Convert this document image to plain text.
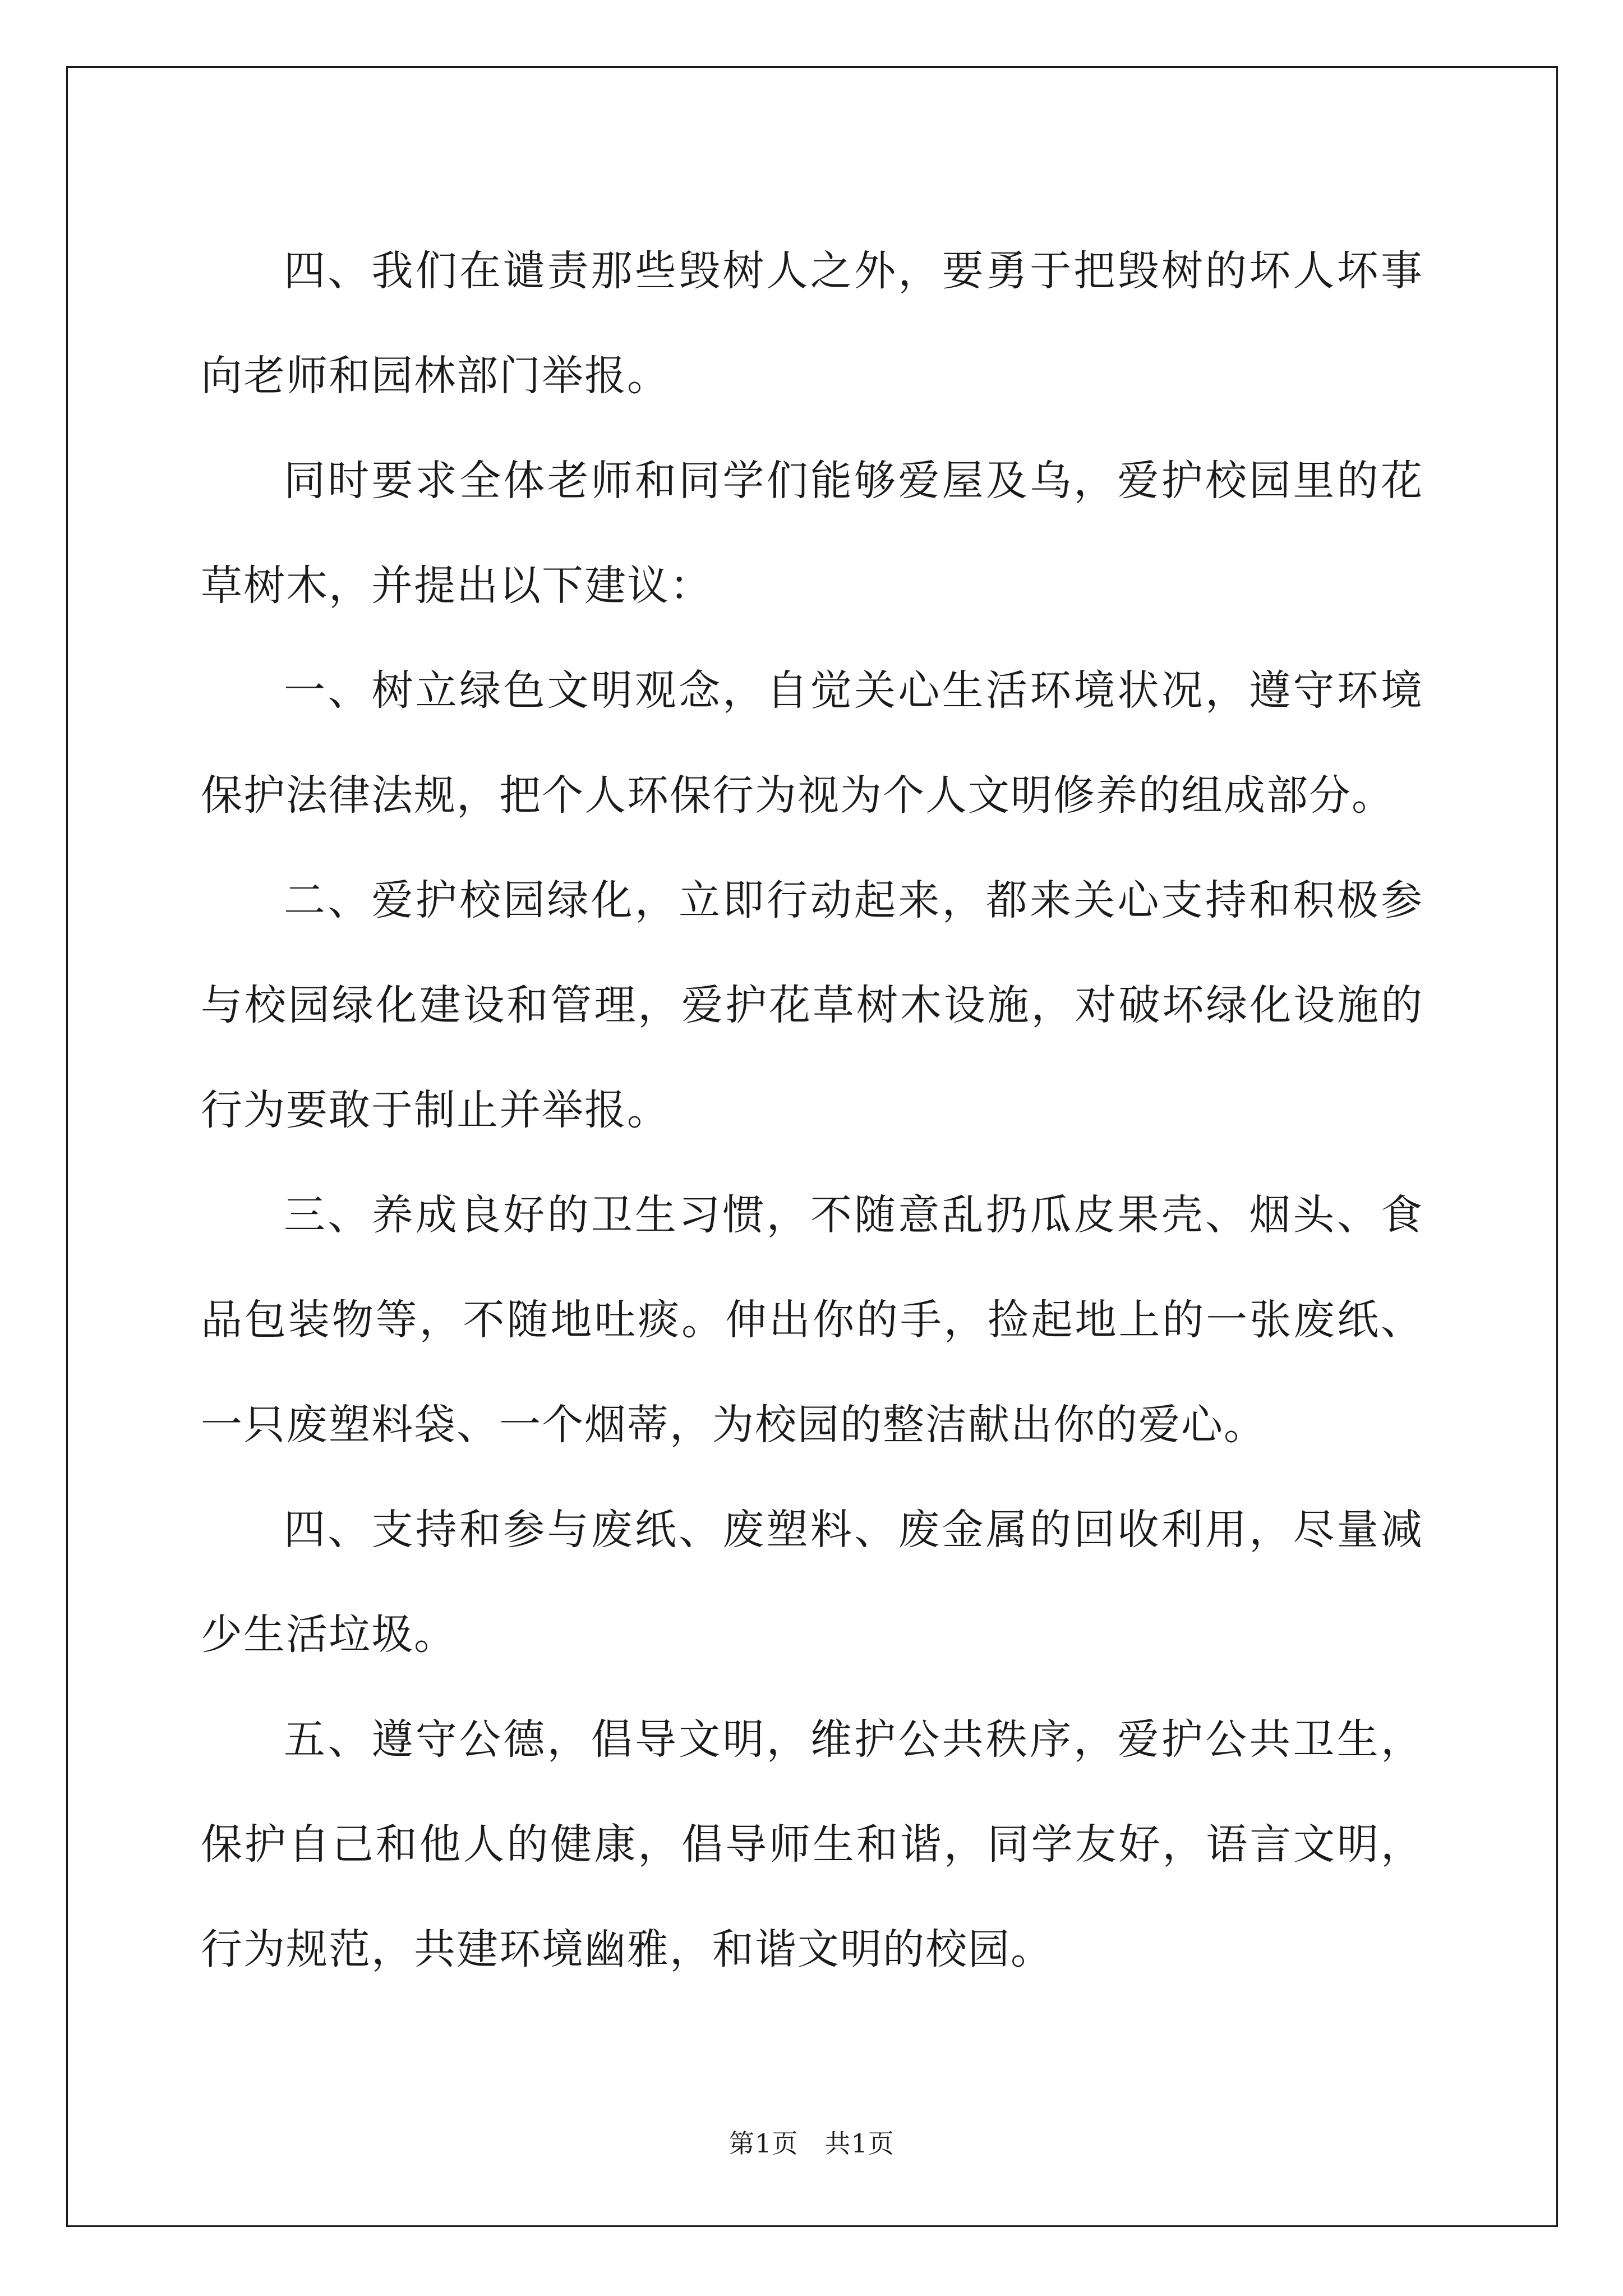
四、我们在谴责那些毁树人之外，要勇于把毁树的坏人坏事向老师和园林部门举报。

同时要求全体老师和同学们能够爱屋及乌，爱护校园里的花草树木，并提出以下建议：

一、树立绿色文明观念，自觉关心生活环境状况，遵守环境保护法律法规，把个人环保行为视为个人文明修养的组成部分。

二、爱护校园绿化，立即行动起来，都来关心支持和积极参与校园绿化建设和管理，爱护花草树木设施，对破坏绿化设施的行为要敢于制止并举报。

三、养成良好的卫生习惯，不随意乱扔瓜皮果壳、烟头、食品包装物等，不随地吐痰。伸出你的手，捡起地上的一张废纸、一只废塑料袋、一个烟蒂，为校园的整洁献出你的爱心。

四、支持和参与废纸、废塑料、废金属的回收利用，尽量减少生活垃圾。

五、遵守公德，倡导文明，维护公共秩序，爱护公共卫生，保护自己和他人的健康，倡导师生和谐，同学友好，语言文明，行为规范，共建环境幽雅，和谐文明的校园。

第1页 共1页
